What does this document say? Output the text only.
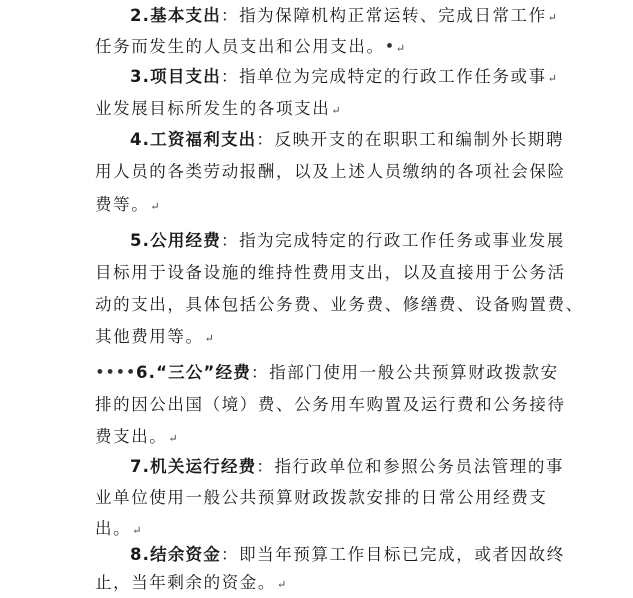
2.基本支出：指为保障机构正常运转、完成日常工作↵
任务而发生的人员支出和公用支出。•↵
3.项目支出：指单位为完成特定的行政工作任务或事↵
业发展目标所发生的各项支出↵
4.工资福利支出：反映开支的在职职工和编制外长期聘
用人员的各类劳动报酬，以及上述人员缴纳的各项社会保险
费等。↵
5.公用经费：指为完成特定的行政工作任务或事业发展
目标用于设备设施的维持性费用支出，以及直接用于公务活
动的支出，具体包括公务费、业务费、修缮费、设备购置费、
其他费用等。↵
••••6.“三公”经费：指部门使用一般公共预算财政拨款安
排的因公出国（境）费、公务用车购置及运行费和公务接待
费支出。↵
7.机关运行经费：指行政单位和参照公务员法管理的事
业单位使用一般公共预算财政拨款安排的日常公用经费支
出。↵
8.结余资金：即当年预算工作目标已完成，或者因故终
止，当年剩余的资金。↵
